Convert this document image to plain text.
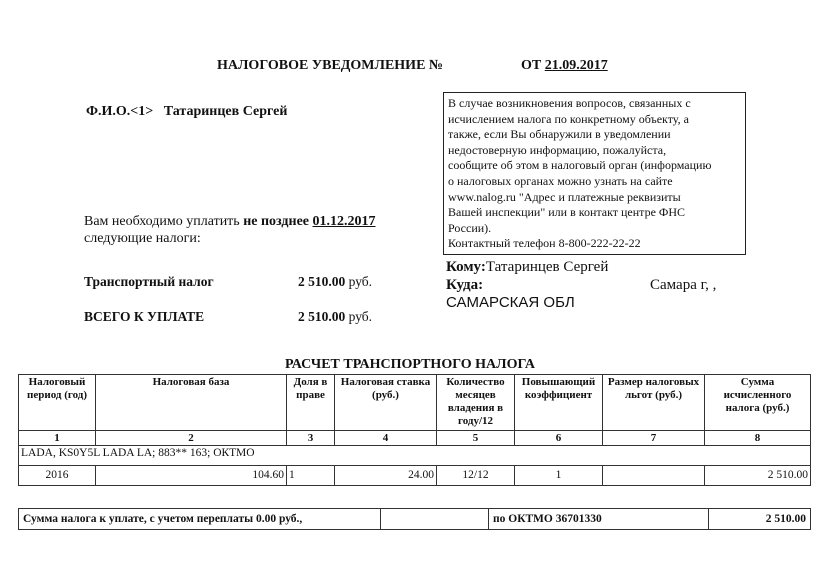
НАЛОГОВОЕ УВЕДОМЛЕНИЕ №	ОТ 21.09.2017
Ф.И.О.<1> Татаринцев Сергей
В случае возникновения вопросов, связанных с
исчислением налога по конкретному объекту, а
также, если Вы обнаружили в уведомлении
недостоверную информацию, пожалуйста,
сообщите об этом в налоговый орган (информацию
о налоговых органах можно узнать на сайте
www.nalog.ru "Адрес и платежные реквизиты
Вашей инспекции" или в контакт центре ФНС
России).
Контактный телефон 8-800-222-22-22
Вам необходимо уплатить не позднее 01.12.2017
следующие налоги:
Транспортный налог	2 510.00 руб.
ВСЕГО К УПЛАТЕ	2 510.00 руб.
Кому:Татаринцев Сергей
Куда:	Самара г, ,
САМАРСКАЯ ОБЛ
РАСЧЕТ ТРАНСПОРТНОГО НАЛОГА
Налоговый период (год)	Налоговая база	Доля в праве	Налоговая ставка (руб.)	Количество месяцев владения в году/12	Повышающий коэффициент	Размер налоговых льгот (руб.)	Сумма исчисленного налога (руб.)
1	2	3	4	5	6	7	8
LADA, KS0Y5L LADA LA; 883** 163; ОКТМО							
2016	104.60	1	24.00	12/12	1		2 510.00
Сумма налога к уплате, с учетом переплаты 0.00 руб.,		по ОКТМО 36701330	2 510.00
